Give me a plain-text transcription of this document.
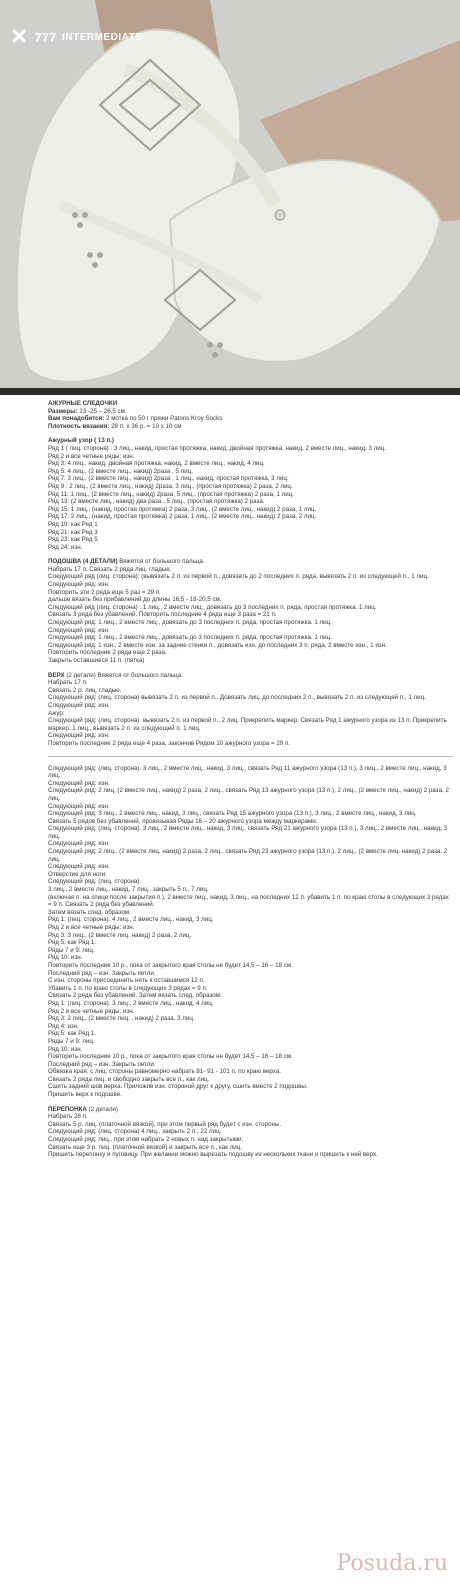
✕ 777 INTERMEDIATE

АЖУРНЫЕ СЛЕДОЧКИ

Размеры: 23 -25 – 26,5 см

Вам понадобится: 2 мотка по 50 г пряжи Patons Kroy Socks

Плотность вязания: 28 п. х 36 р. = 10 х 10 см

Ажурный узор ( 13 п.)

Ряд 1 ( лиц. сторона) : 3 лиц., накид, простая протяжка, накид, двойная протяжка, накид, 2 вместе лиц., накид, 3 лиц.

Ряд 2 и все четные ряды: изн.

Ряд 3: 4 лиц., накид, двойная протяжка, накид, 2 вместе лиц., накид, 4 лиц.

Ряд 5: 4 лиц., (2 вместе лиц., накид) 2раза , 5 лиц.

Ряд 7: 3 лиц., (2 вместе лиц., накид) 2раза , 1 лиц., накид, простая протяжка, 3 лиц.

Ряд 9 : 2 лиц., (2 вместе лиц., накид) 2раза, 3 лиц., (простая протяжка) 2 раза, 2 лиц.

Ряд 11: 1 лиц., (2 вместе лиц., накид) 2раза, 5 лиц., (простая протяжка) 2 раза, 1 лиц.

Ряд 13: (2 вместе лиц., накид) два раза , 5 лиц., (простая протяжка) 2 раза.

Ряд 15: 1 лиц., (накид, простая протяжка) 2 раза, 3 лиц., (2 вместе лиц., накид) 2 раза, 1 лиц.

Ряд 17: 2 лиц., (накид, простая протяжка) 2 раза, 1 лиц., (2 вместе лиц., накид) 2 раза, 2 лиц.

Ряд 19: как Ряд 1

Ряд 21: как Ряд 3

Ряд 23: как Ряд 5

Ряд 24: изн.

ПОДОШВА (4 ДЕТАЛИ) Вяжется от большого пальца.

Набрать 17 п. Связать 2 ряда лиц. гладью.

Следующий ряд (лиц. сторона): (вывязать 2 п. из первой п., довязать до 2 последних п. ряда, вывязать 2 п. из следующей п., 1 лиц.

Следующий ряд: изн.

Повторить эти 2 ряда еще 5 раз = 29 п.

дальше вязать без прибавлений до длины 16,5 - 18-20,5 см.

Следующий ряд (лиц. сторона) : 1 лиц., 2 вместе лиц., довязать до 3 последних п. ряда, простая протяжка. 1 лиц.

Связать 3 ряда без убавлений. Повторить последние 4 ряда еще 3 раза = 21 п.

Следующий ряд: 1 лиц., 2 вместе лиц., довязать до 3 последних п. ряда, простая протяжка. 1 лиц.

Следующий ряд: изн.

Следующий ряд: 1 лиц., 2 вместе лиц., довязать до 3 последних п. ряда, простая протяжка. 1 лиц.

Следующий ряд: 1 изн., 2 вместе изн. за задние стенки п., довязать изн. до последних 3 п. ряда, 2 вместе изн., 1 изн.

Повторить последние 2 ряда еще 2 раза.

Закрыть оставшиеся 11 п. (пятка)

ВЕРХ (2 детали) Вяжется от большого пальца.

Набрать 17 п.

Связать 2 р. лиц. гладью.

Следующий ряд: (лиц. сторона) вывязать 2 п. из первой п.. Довязать лиц. до последних 2 п., вывязать 2 п. из следующей п., 1 лиц.

Следующий ряд: изн.

Ажур:

Следующий ряд: (лиц. сторона). вывязать 2 п. из первой п., 2 лиц. Прикрепить маркер. Связать Ряд 1 ажурного узора из 13 п. Прикрепить маркер. 1 лиц., вывязать 2 п. из следующей п. 1 лиц.

Следующий ряд: изн.

Повторить последние 2 ряда еще 4 раза, закончив Рядом 10 ажурного узора = 29 п.

Следующий ряд: (лиц. сторона). 3 лиц., 2 вместе лиц., накид, 3 лиц., связать Ряд 11 ажурного узора (13 п.), 3 лиц., 2 вместе лиц., накид, 3 лиц.

Следующий ряд: изн.

Следующий ряд: 2 лиц, (2 вместе лиц., накид) 2 раза, 2 лиц., связать Ряд 13 ажурного узора (13 п.), 2 лиц., (2 вместе лиц., накид) 2 раза, 2 лиц.

Следующий ряд: изн.

Следующий ряд: 3 лиц., 2 вместе лиц., накид, 3 лиц., связать Ряд 15 ажурного узора (13 п.), 3 лиц., 2 вместе лиц., накид, 3 лиц.

Связать 5 рядов без убавлений, провязывая Ряды 16 – 20 ажурного узора между маркерами.

Следующий ряд: (лиц. сторона). 3 лиц., 2 вместе лиц., накид, 3 лиц., связать Ряд 21 ажурного узора (13 п.), 3 лиц., 2 вместе лиц., накид, 3 лиц.

Следующий ряд: изн.

Следующий ряд: 2 лиц., (2 вместе лиц. накид) 2 раза, 2 лиц., связать Ряд 23 ажурного узора (13 п.), 2 лиц., (2 вместе лиц. накид) 2 раза, 2 лиц.

Следующий ряд: изн.

Отверстие для ноги:

Следующий ряд: (лиц. сторона).

3 лиц., 2 вместе лиц., накид, 7 лиц., закрыть 5 п., 7 лиц.

(включая п. на спице после закрытия п.), 2 вместе лиц., накид, 3 лиц., на последних 12 п. убавить 1 п. по краю столы в следующих 3 рядах = 9 п. Связать 2 ряда без убавлений.

Затем вязать след. образом:

Ряд 1: (лиц. сторона). 4 лиц., 2 вместе лиц., накид, 3 лиц.

Ряд 2 и все четные ряды: изн.

Ряд 3: 3 лиц., (2 вместе лиц. накид) 2 раза, 2 лиц.

Ряд 5: как Ряд 1.

Ряды 7 и 9: лиц.

Ряд 10: изн.

Повторить последние 10 р., пока от закрытого края столы не будет 14,5 – 16 – 18 см.

Последний ряд – изн. Закрыть петли.

С изн. стороны присоединить нить к оставшимся 12 п.

Убавить 1 п. по краю столы в следующих 3 рядах = 9 п.

Связать 2 ряда без убавлений. Затем вязать след. образом:

Ряд 1: (лиц. сторона). 3 лиц., 2 вместе лиц., накид, 4 лиц.

Ряд 2 и все четные ряды: изн.

Ряд 3: 2 лиц., (2 вместе лиц. , накид) 2 раза, 3 лиц.

Ряд 4: изн.

Ряд 5: как Ряд 1.

Ряды 7 и 9: лиц.

Ряд 10: изн.

Повторить последние 10 р., пока от закрытого края столы не будет 14,5 – 16 – 18 см.

Последний ряд – изн. Закрыть петли.

Обвязка края: с лиц. стороны равномерно набрать 81- 91 - 101 п. по краю верха.

Связать 2 ряда лиц. и свободно закрыть все п., как лиц.

Сшить задний шов верха. Приложив изн. стороной друг к другу, сшить вместе 2 подошвы.

Пришить верх к подошве.

ПЕРЕПОНКА (2 детали)

Набрать 28 п.

Связать 5 р. лиц. (платочной вязкой), при этом первый ряд будет с изн. стороны.

Следующий ряд: (лиц. сторона) 4 лиц., закрыть 2 п., 22 лиц.

Следующий ряд: лиц., при этом набрать 2 новых п. над закрытыми.

Связать еще 3 р. лиц. (платочной вязкой) и закрыть все п., как лиц.

Пришить перепонку и пуговицу. При желании можно вырезать подошву из нескольких ткани и пришить к ней верх.

Posuda.ru
